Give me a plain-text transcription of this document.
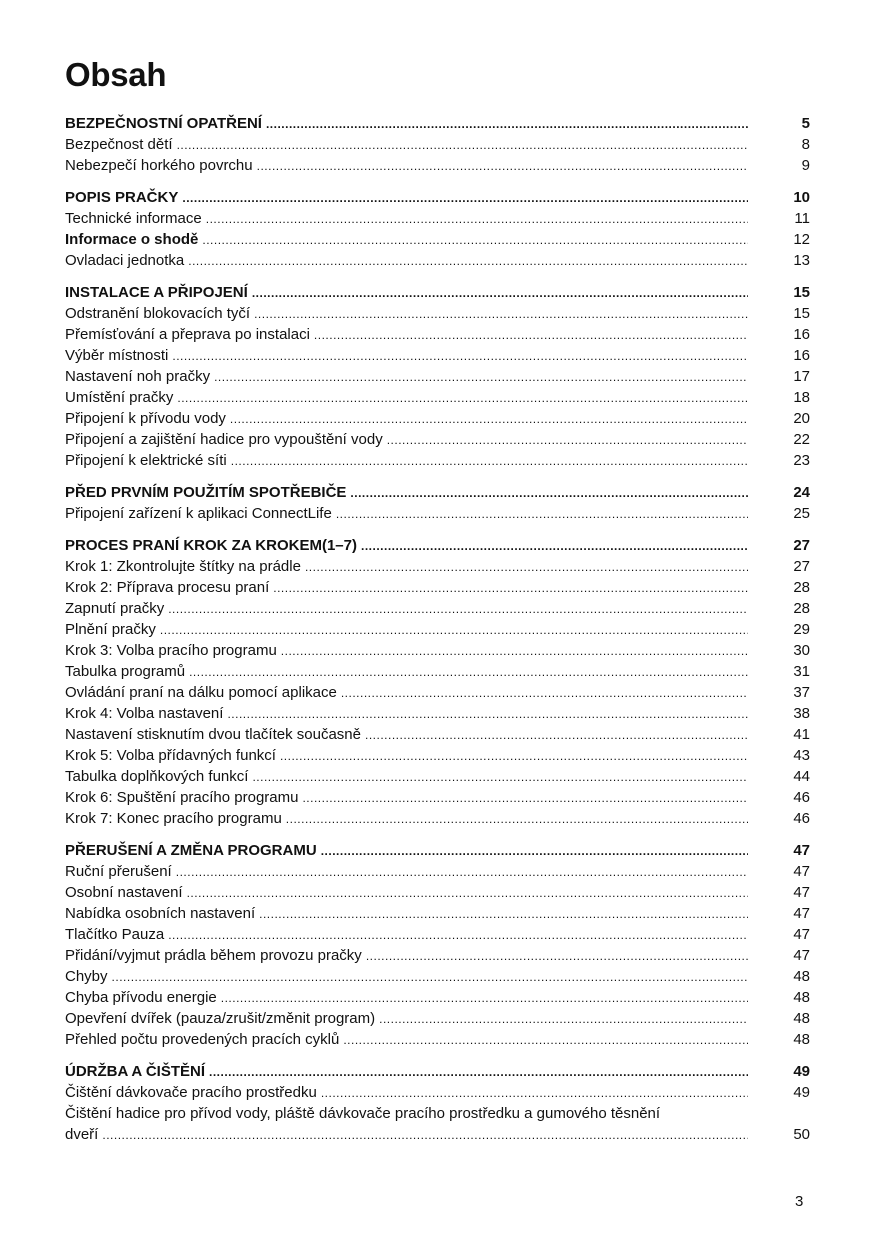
Obsah
BEZPEČNOSTNÍ OPATŘENÍ .....	5
Bezpečnost dětí .....	8
Nebezpečí horkého povrchu .....	9
POPIS PRAČKY .....	10
Technické informace .....	11
Informace o shodě .....	12
Ovladaci jednotka .....	13
INSTALACE A PŘIPOJENÍ .....	15
Odstranění blokovacích tyčí .....	15
Přemísťování a přeprava po instalaci .....	16
Výběr místnosti .....	16
Nastavení noh pračky .....	17
Umístění pračky .....	18
Připojení k přívodu vody .....	20
Připojení a zajištění hadice pro vypouštění vody .....	22
Připojení k elektrické síti .....	23
PŘED PRVNÍM POUŽITÍM SPOTŘEBIČE .....	24
Připojení zařízení k aplikaci ConnectLife .....	25
PROCES PRANÍ KROK ZA KROKEM(1–7) .....	27
Krok 1: Zkontrolujte štítky na prádle .....	27
Krok 2: Příprava procesu praní .....	28
Zapnutí pračky .....	28
Plnění pračky .....	29
Krok 3: Volba pracího programu .....	30
Tabulka programů .....	31
Ovládání praní na dálku pomocí aplikace .....	37
Krok 4: Volba nastavení .....	38
Nastavení stisknutím dvou tlačítek současně .....	41
Krok 5: Volba přídavných funkcí .....	43
Tabulka doplňkových funkcí .....	44
Krok 6: Spuštění pracího programu .....	46
Krok 7: Konec pracího programu .....	46
PŘERUŠENÍ A ZMĚNA PROGRAMU .....	47
Ruční přerušení .....	47
Osobní nastavení .....	47
Nabídka osobních nastavení .....	47
Tlačítko Pauza .....	47
Přidání/vyjmut prádla během provozu pračky .....	47
Chyby .....	48
Chyba přívodu energie .....	48
Opevření dvířek (pauza/zrušit/změnit program) .....	48
Přehled počtu provedených pracích cyklů .....	48
ÚDRŽBA A ČIŠTĚNÍ .....	49
Čištění dávkovače pracího prostředku .....	49
Čištění hadice pro přívod vody, pláště dávkovače pracího prostředku a gumového těsnění
dveří .....	50
3
